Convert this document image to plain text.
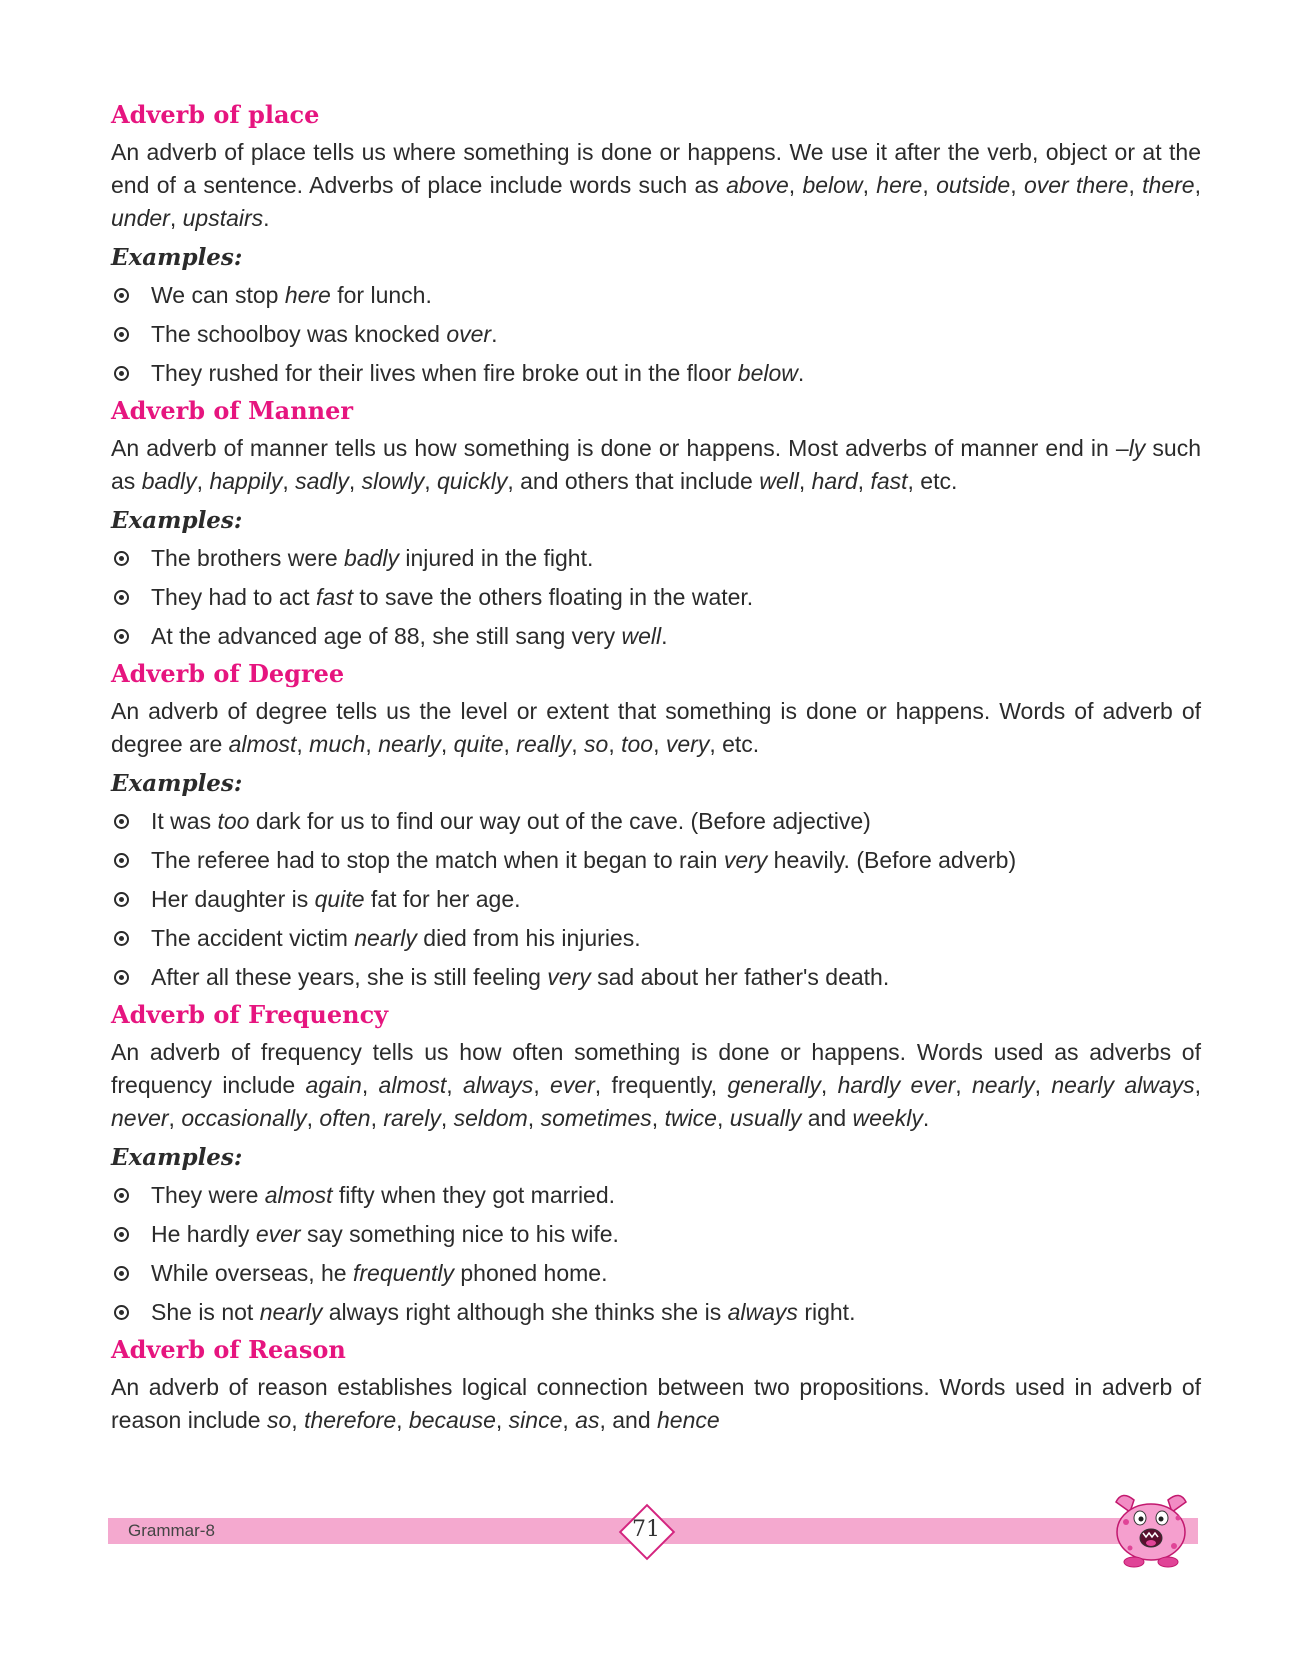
Adverb of place
An adverb of place tells us where something is done or happens. We use it after the verb, object or at the end of a sentence. Adverbs of place include words such as above, below, here, outside, over there, there, under, upstairs.
Examples:
We can stop here for lunch.
The schoolboy was knocked over.
They rushed for their lives when fire broke out in the floor below.
Adverb of Manner
An adverb of manner tells us how something is done or happens. Most adverbs of manner end in –ly such as badly, happily, sadly, slowly, quickly, and others that include well, hard, fast, etc.
Examples:
The brothers were badly injured in the fight.
They had to act fast to save the others floating in the water.
At the advanced age of 88, she still sang very well.
Adverb of Degree
An adverb of degree tells us the level or extent that something is done or happens. Words of adverb of degree are almost, much, nearly, quite, really, so, too, very, etc.
Examples:
It was too dark for us to find our way out of the cave. (Before adjective)
The referee had to stop the match when it began to rain very heavily. (Before adverb)
Her daughter is quite fat for her age.
The accident victim nearly died from his injuries.
After all these years, she is still feeling very sad about her father's death.
Adverb of Frequency
An adverb of frequency tells us how often something is done or happens. Words used as adverbs of frequency include again, almost, always, ever, frequently, generally, hardly ever, nearly, nearly always, never, occasionally, often, rarely, seldom, sometimes, twice, usually and weekly.
Examples:
They were almost fifty when they got married.
He hardly ever say something nice to his wife.
While overseas, he frequently phoned home.
She is not nearly always right although she thinks she is always right.
Adverb of Reason
An adverb of reason establishes logical connection between two propositions. Words used in adverb of reason include so, therefore, because, since, as, and hence
Grammar-8	71
